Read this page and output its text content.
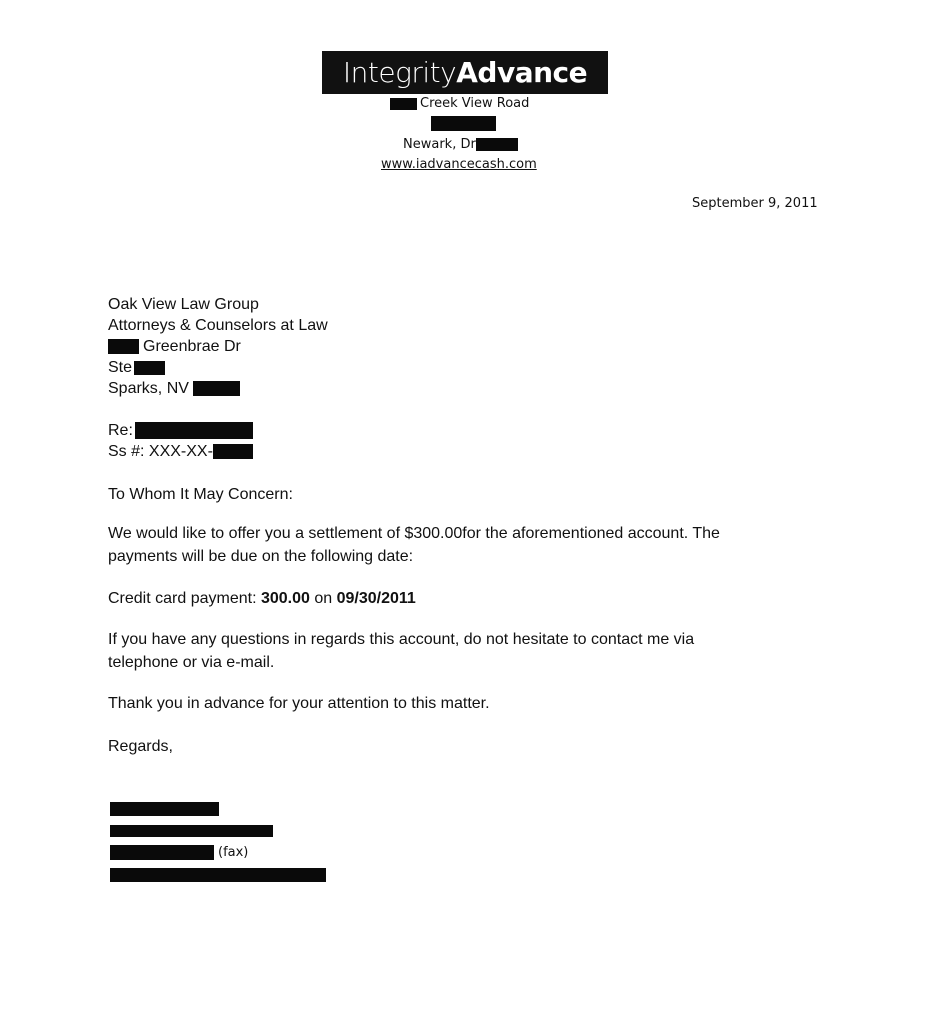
Integrity Advance
Creek View Road
Newark, Dr
www.iadvancecash.com
September 9, 2011
Oak View Law Group
Attorneys & Counselors at Law
Greenbrae Dr
Ste
Sparks, NV
Re:
Ss #: XXX-XX-
To Whom It May Concern:
We would like to offer you a settlement of $300.00for the aforementioned account. The
payments will be due on the following date:
Credit card payment: 300.00 on 09/30/2011
If you have any questions in regards this account, do not hesitate to contact me via
telephone or via e-mail.
Thank you in advance for your attention to this matter.
Regards,
(fax)
